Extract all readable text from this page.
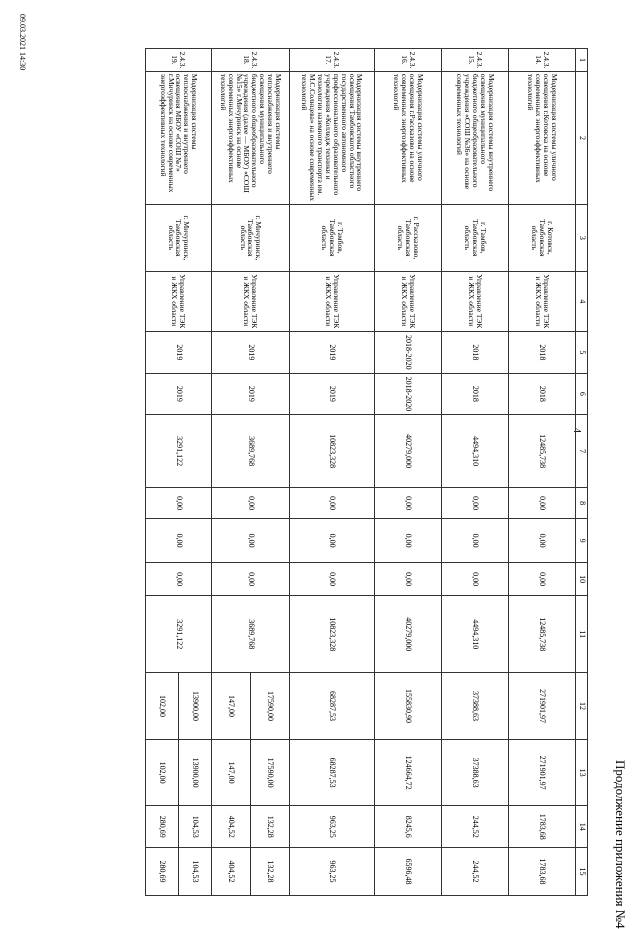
Продолжение приложения №4
4
1	2	3	4	5	6	7	8	9	10	11	12	13	14	15
2.4.3.14.	Модернизация системы уличного освещения г.Котовска на основе современных энергоэффективных технологий	г. Котовск, Тамбовская область	Управление ТЭК и ЖКХ области	2018	2018	12485,738	0,00	0,00	0,00	12485,738	271901,97	271901,97	1783,68	1783,68
2.4.3.15.	Модернизация системы внутреннего освещения муниципального бюджетного общеобразовательного учреждения «СОШ №36» на основе современных технологий	г. Тамбов, Тамбовская область	Управление ТЭК и ЖКХ области	2018	2018	4494,310	0,00	0,00	0,00	4494,310	37388,63	37388,63	244,52	244,52
2.4.3.16.	Модернизация системы уличного освещения г.Рассказово на основе современных энергоэффективных технологий	г. Рассказово, Тамбовская область	Управление ТЭК и ЖКХ области	2018-2020	2018-2020	40279,000	0,00	0,00	0,00	40279,000	155830,90	124664,72	8245,6	6596,48
2.4.3.17.	Модернизация системы внутреннего освещения Тамбовского областного государственного автономного профессионального образовательного учреждения «Колледж техники и технологии наземного транспорта им. М.С.Солнцева» на основе современных технологий	г. Тамбов, Тамбовская область	Управление ТЭК и ЖКХ области	2019	2019	10823,328	0,00	0,00	0,00	10823,328	68287,53	68287,53	963,25	963,25
2.4.3.18.	Модернизация системы теплоснабжения и внутреннего освещения муниципального бюджетного общеобразовательного учреждения (далее — МБОУ) «СОШ №15» г.Мичуринск на основе современных энергоэффективных технологий	г. Мичуринск, Тамбовская область	Управление ТЭК и ЖКХ области	2019	2019	3689,768	0,00	0,00	0,00	3689,768	17590,00	17590,00	132,28	132,28
											147,00	147,00	404,52	404,52
2.4.3.19.	Модернизация системы теплоснабжения и внутреннего освещения МБОУ «СОШ №7» г.Мичуринск на основе современных энергоэффективных технологий	г. Мичуринск, Тамбовская область	Управление ТЭК и ЖКХ области	2019	2019	3291,122	0,00	0,00	0,00	3291,122	13900,00	13900,00	104,53	104,53
											102,00	102,00	280,69	280,69
09.03.2021 14:30
